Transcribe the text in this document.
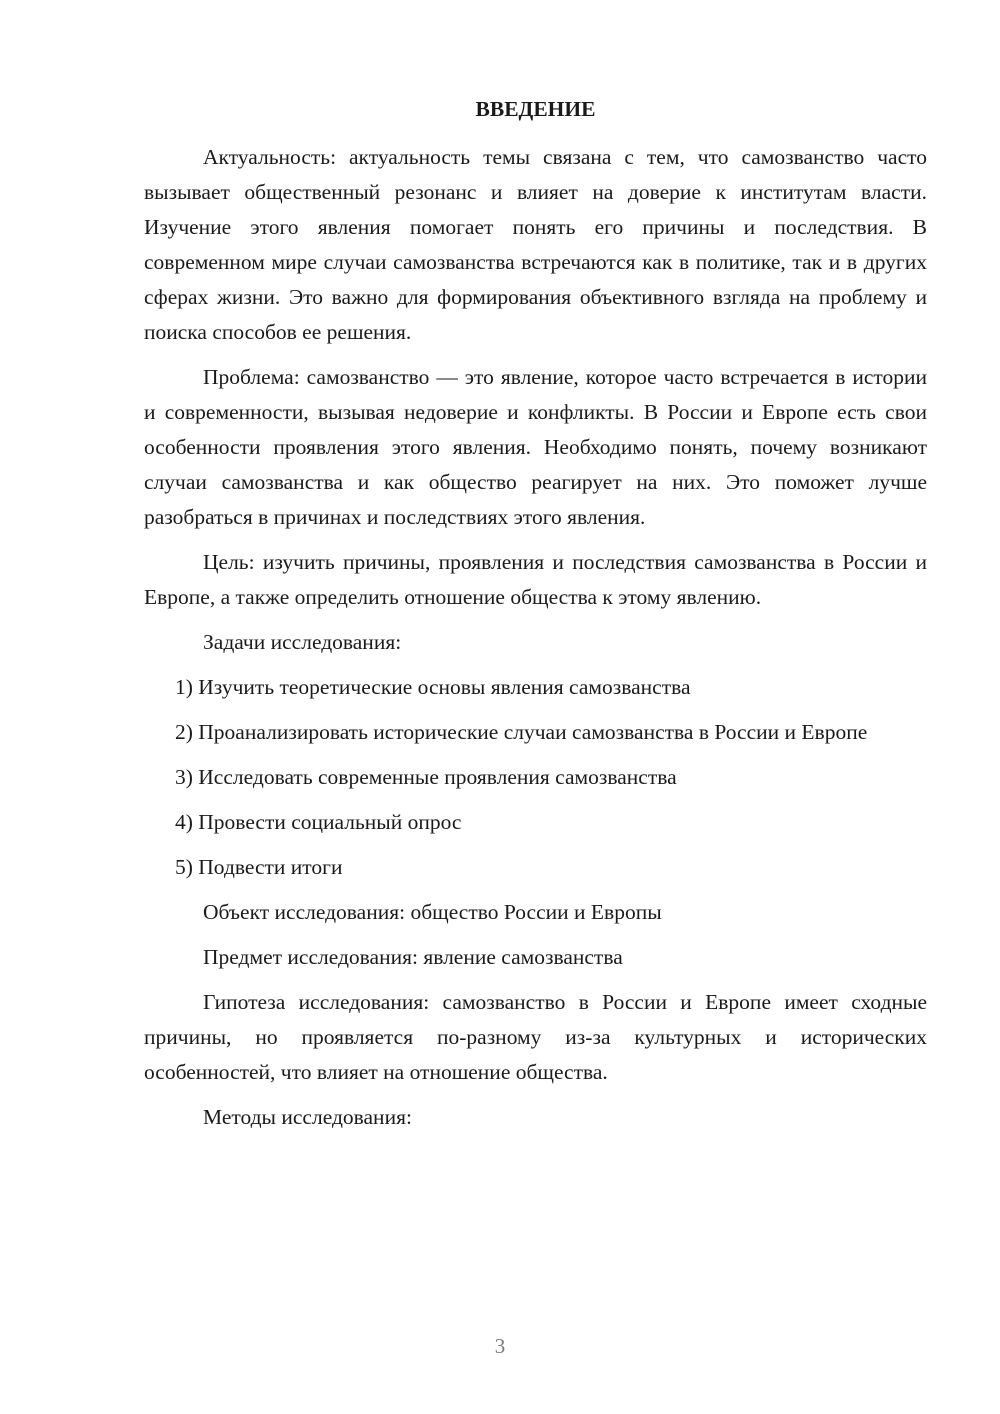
ВВЕДЕНИЕ

Актуальность: актуальность темы связана с тем, что самозванство часто вызывает общественный резонанс и влияет на доверие к институтам власти. Изучение этого явления помогает понять его причины и последствия. В современном мире случаи самозванства встречаются как в политике, так и в других сферах жизни. Это важно для формирования объективного взгляда на проблему и поиска способов ее решения.

Проблема: самозванство — это явление, которое часто встречается в истории и современности, вызывая недоверие и конфликты. В России и Европе есть свои особенности проявления этого явления. Необходимо понять, почему возникают случаи самозванства и как общество реагирует на них. Это поможет лучше разобраться в причинах и последствиях этого явления.

Цель: изучить причины, проявления и последствия самозванства в России и Европе, а также определить отношение общества к этому явлению.

Задачи исследования:

1) Изучить теоретические основы явления самозванства

2) Проанализировать исторические случаи самозванства в России и Европе

3) Исследовать современные проявления самозванства

4) Провести социальный опрос

5) Подвести итоги

Объект исследования: общество России и Европы

Предмет исследования: явление самозванства

Гипотеза исследования: самозванство в России и Европе имеет сходные причины, но проявляется по-разному из-за культурных и исторических особенностей, что влияет на отношение общества.

Методы исследования:

3
